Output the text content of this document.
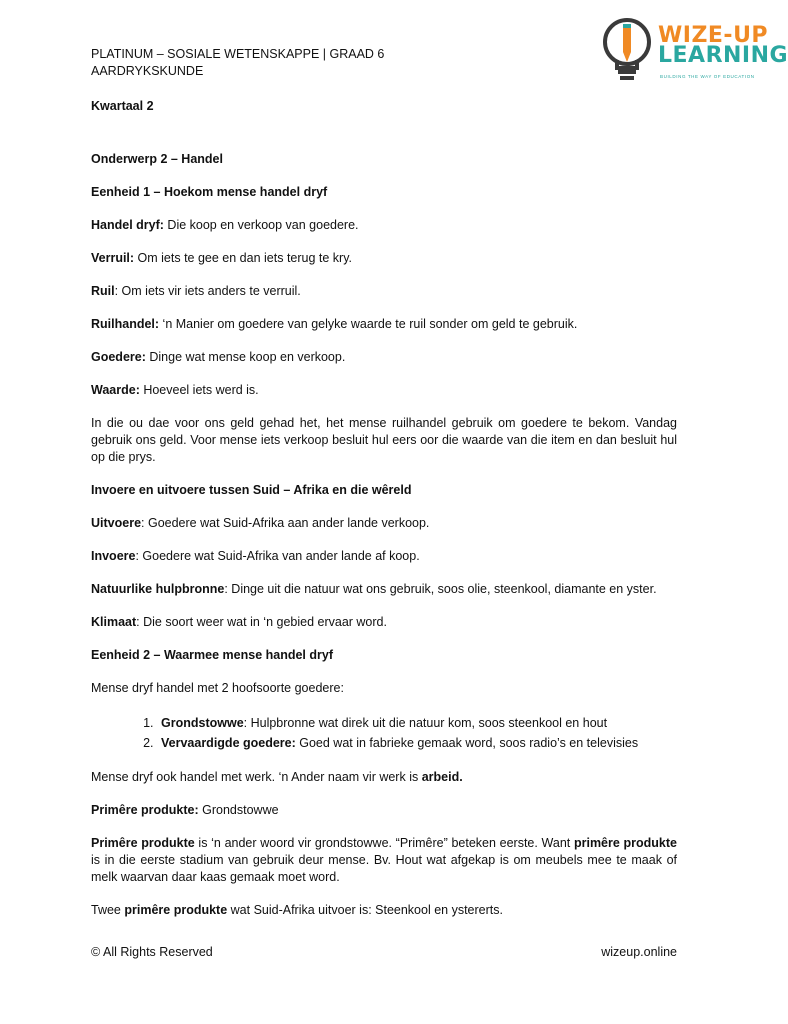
PLATINUM – SOSIALE WETENSKAPPE | GRAAD 6
AARDRYKSKUNDE
WIZE-UP
LEARNING
BUILDING THE WAY OF EDUCATION

Kwartaal 2

Onderwerp 2 – Handel

Eenheid 1 – Hoekom mense handel dryf

Handel dryf: Die koop en verkoop van goedere.

Verruil: Om iets te gee en dan iets terug te kry.

Ruil: Om iets vir iets anders te verruil.

Ruilhandel: ‘n Manier om goedere van gelyke waarde te ruil sonder om geld te gebruik.

Goedere: Dinge wat mense koop en verkoop.

Waarde: Hoeveel iets werd is.

In die ou dae voor ons geld gehad het, het mense ruilhandel gebruik om goedere te bekom. Vandag gebruik ons geld. Voor mense iets verkoop besluit hul eers oor die waarde van die item en dan besluit hul op die prys.

Invoere en uitvoere tussen Suid – Afrika en die wêreld

Uitvoere: Goedere wat Suid-Afrika aan ander lande verkoop.

Invoere: Goedere wat Suid-Afrika van ander lande af koop.

Natuurlike hulpbronne: Dinge uit die natuur wat ons gebruik, soos olie, steenkool, diamante en yster.

Klimaat: Die soort weer wat in ‘n gebied ervaar word.

Eenheid 2 – Waarmee mense handel dryf

Mense dryf handel met 2 hoofsoorte goedere:

1. Grondstowwe: Hulpbronne wat direk uit die natuur kom, soos steenkool en hout
2. Vervaardigde goedere: Goed wat in fabrieke gemaak word, soos radio’s en televisies

Mense dryf ook handel met werk. ‘n Ander naam vir werk is arbeid.

Primêre produkte: Grondstowwe

Primêre produkte is ‘n ander woord vir grondstowwe. “Primêre” beteken eerste. Want primêre produkte is in die eerste stadium van gebruik deur mense. Bv. Hout wat afgekap is om meubels mee te maak of melk waarvan daar kaas gemaak moet word.

Twee primêre produkte wat Suid-Afrika uitvoer is: Steenkool en ystererts.

© All Rights Reserved	wizeup.online
